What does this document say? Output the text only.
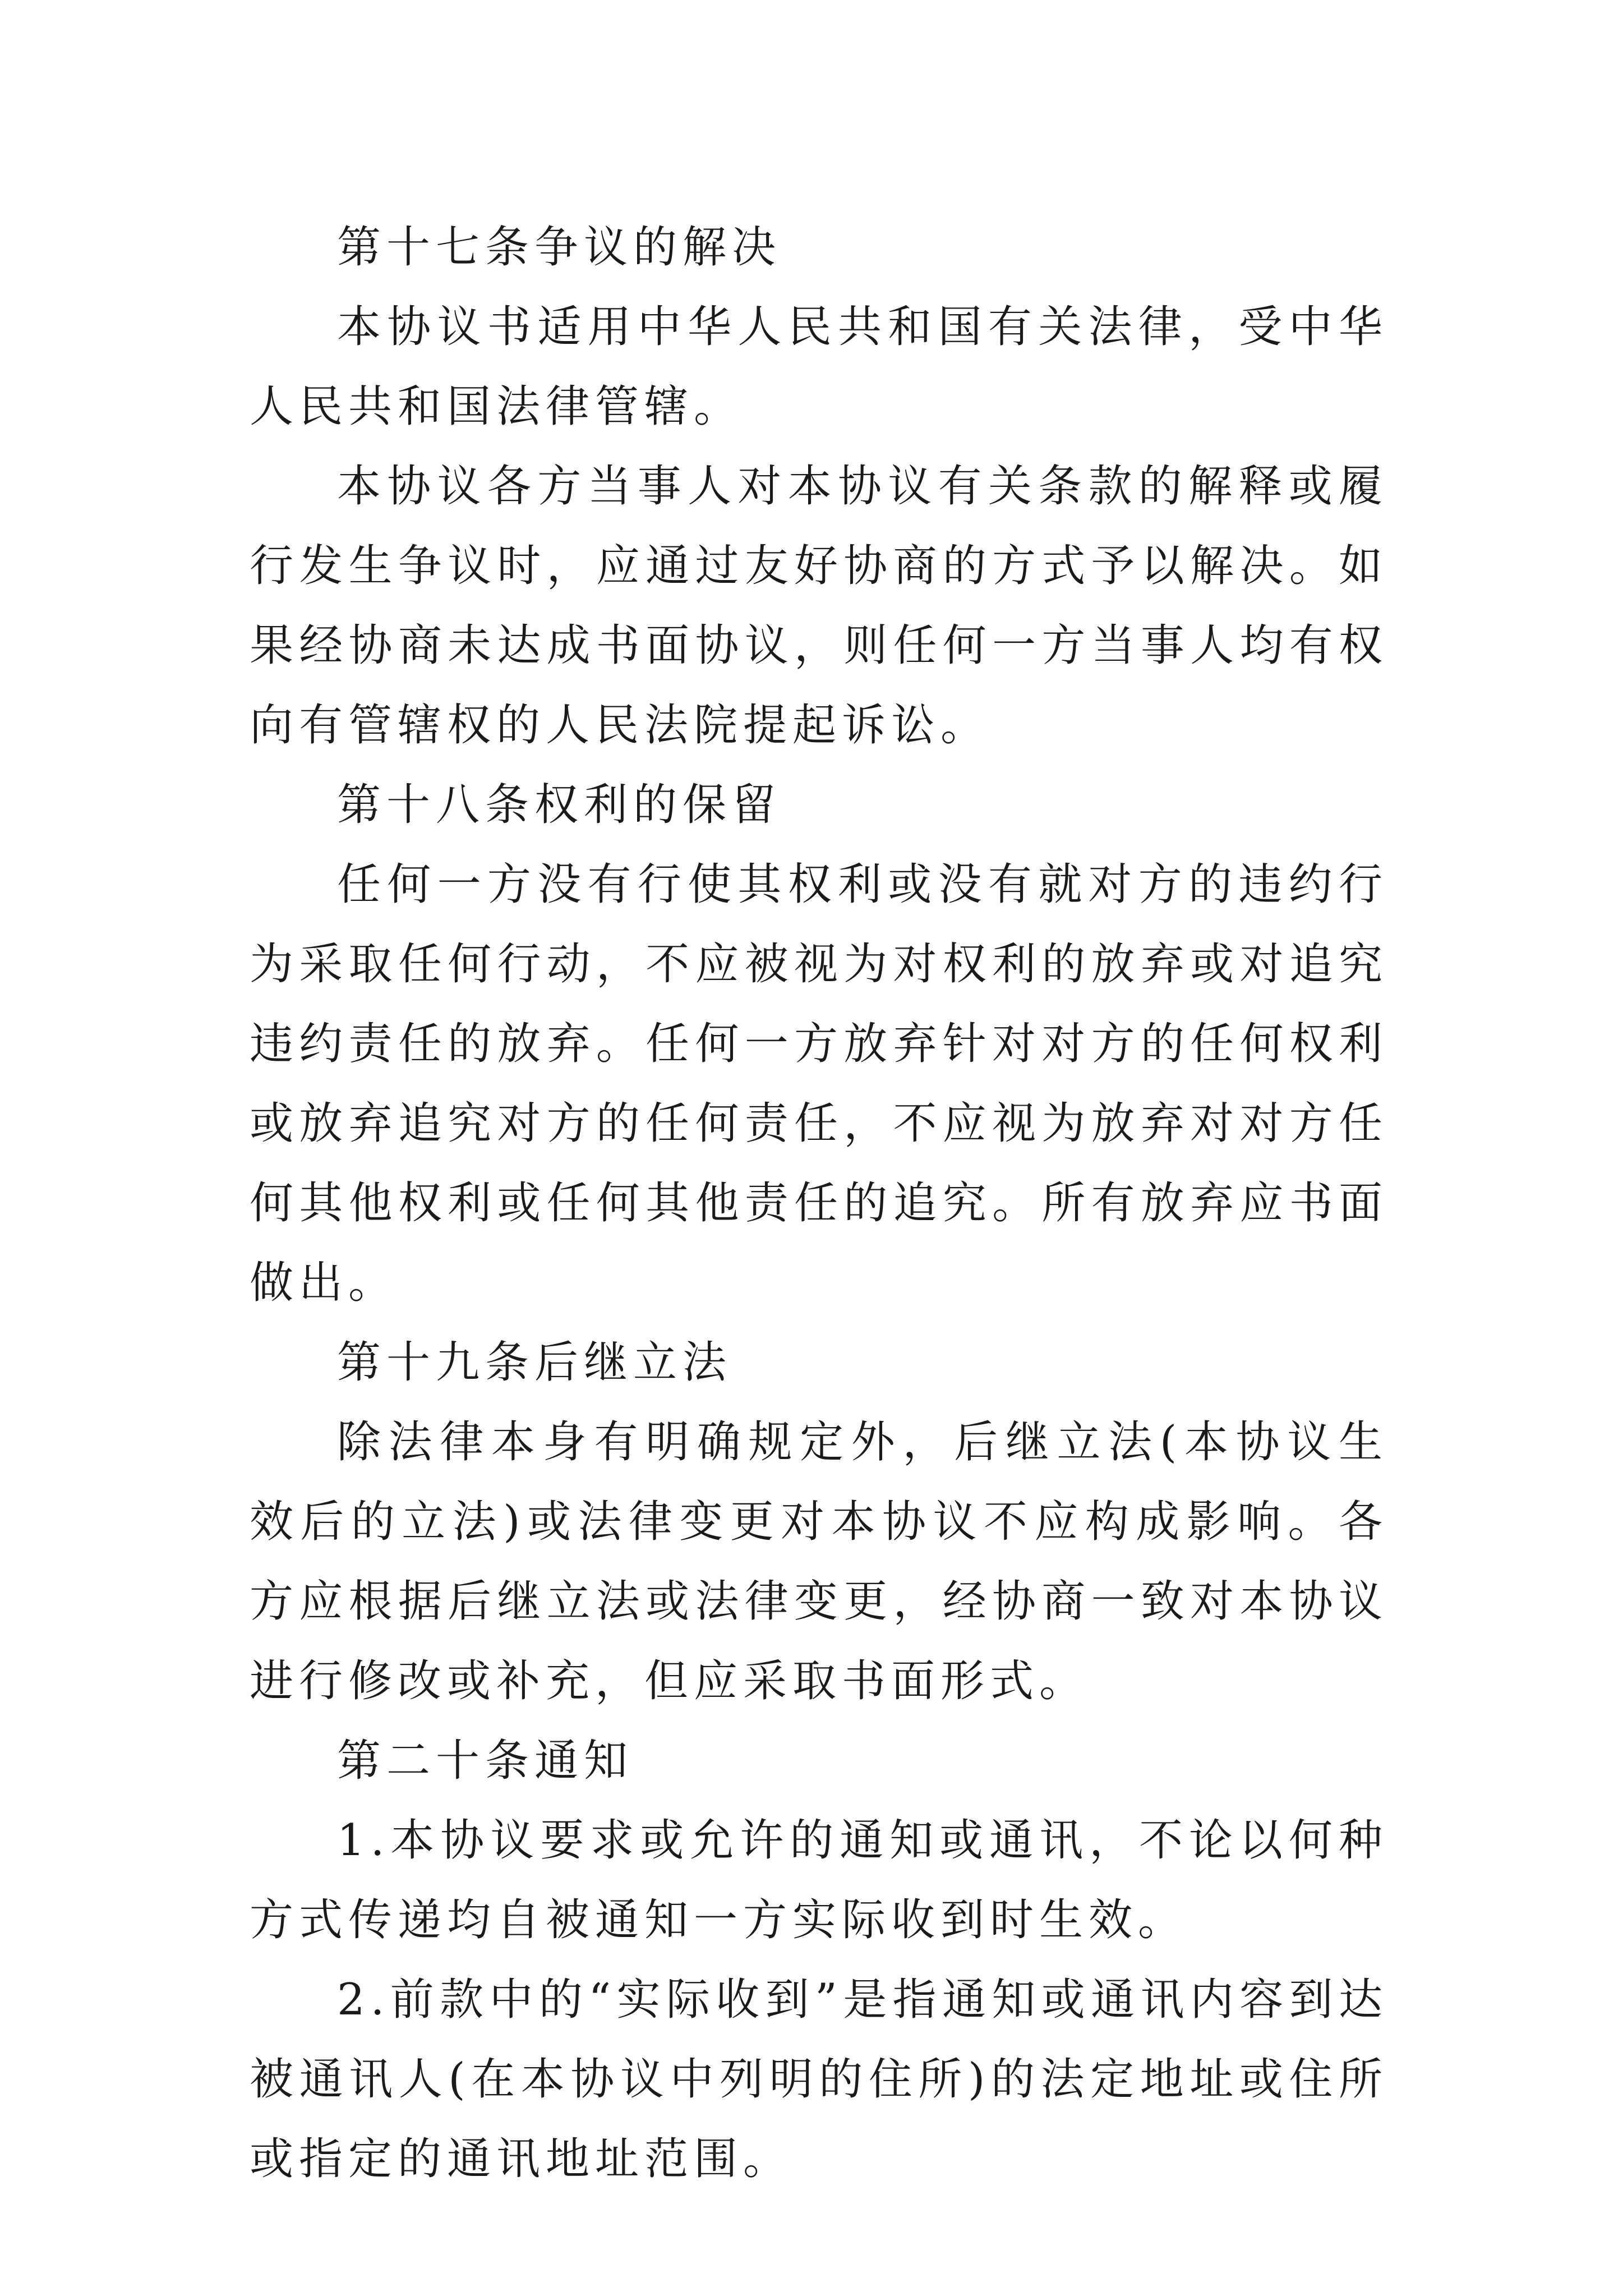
第十七条争议的解决

本协议书适用中华人民共和国有关法律，受中华人民共和国法律管辖。

本协议各方当事人对本协议有关条款的解释或履行发生争议时，应通过友好协商的方式予以解决。如果经协商未达成书面协议，则任何一方当事人均有权向有管辖权的人民法院提起诉讼。

第十八条权利的保留

任何一方没有行使其权利或没有就对方的违约行为采取任何行动，不应被视为对权利的放弃或对追究违约责任的放弃。任何一方放弃针对对方的任何权利或放弃追究对方的任何责任，不应视为放弃对对方任何其他权利或任何其他责任的追究。所有放弃应书面做出。

第十九条后继立法

除法律本身有明确规定外，后继立法(本协议生效后的立法)或法律变更对本协议不应构成影响。各方应根据后继立法或法律变更，经协商一致对本协议进行修改或补充，但应采取书面形式。

第二十条通知

1.本协议要求或允许的通知或通讯，不论以何种方式传递均自被通知一方实际收到时生效。

2.前款中的“实际收到”是指通知或通讯内容到达被通讯人(在本协议中列明的住所)的法定地址或住所或指定的通讯地址范围。
